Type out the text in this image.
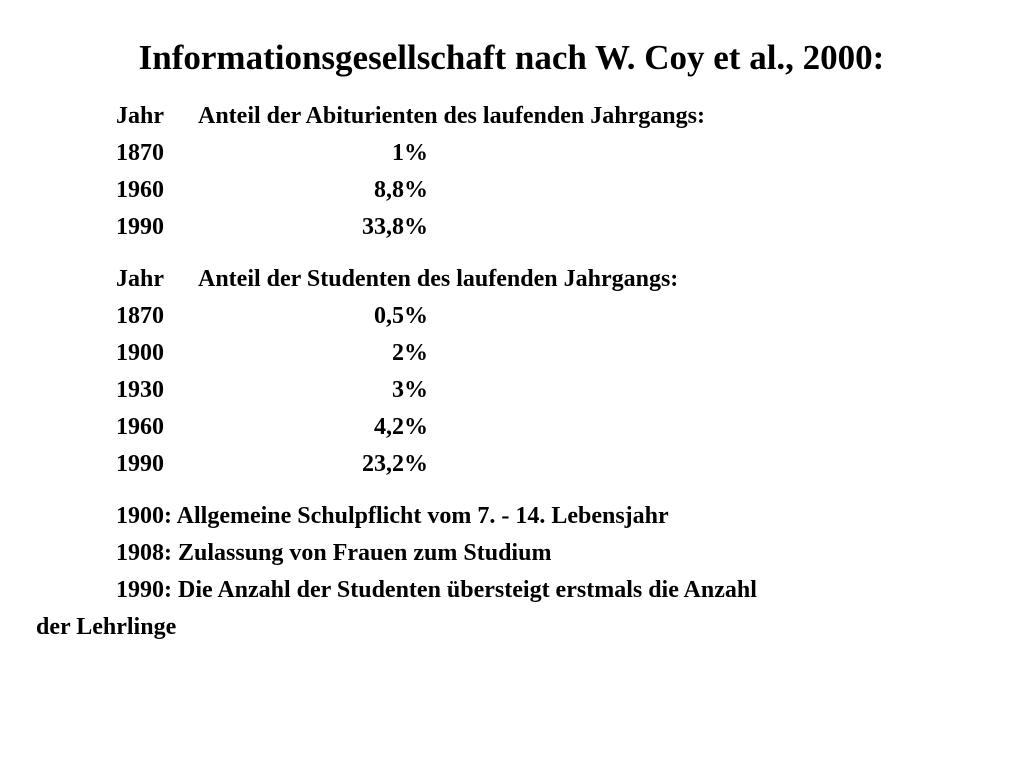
Informationsgesellschaft nach W. Coy et al., 2000:
Jahr	Anteil der Abiturienten des laufenden Jahrgangs:
1870	1%
1960	8,8%
1990	33,8%
Jahr	Anteil der Studenten des laufenden Jahrgangs:
1870	0,5%
1900	2%
1930	3%
1960	4,2%
1990	23,2%
1900: Allgemeine Schulpflicht vom 7. - 14. Lebensjahr
1908: Zulassung von Frauen zum Studium
1990: Die Anzahl der Studenten übersteigt erstmals die Anzahl
der Lehrlinge
